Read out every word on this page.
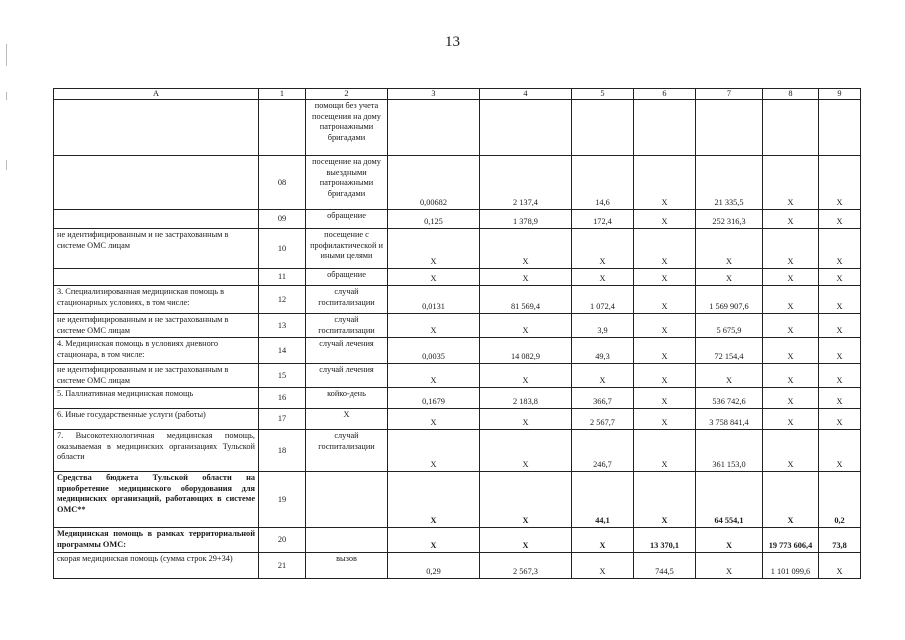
13
А	1	2	3	4	5	6	7	8	9
		помощи без учета посещения на дому патронажными бригадами							
	08	посещение на дому выездными патронажными бригадами	0,00682	2 137,4	14,6	Х	21 335,5	Х	Х
	09	обращение	0,125	1 378,9	172,4	Х	252 316,3	Х	Х
не идентифицированным и не застрахованным в системе ОМС лицам	10	посещение с профилактической и иными целями	Х	Х	Х	Х	Х	Х	Х
	11	обращение	Х	Х	Х	Х	Х	Х	Х
3. Специализированная медицинская помощь в стационарных условиях, в том числе:	12	случай госпитализации	0,0131	81 569,4	1 072,4	Х	1 569 907,6	Х	Х
не идентифицированным и не застрахованным в системе ОМС лицам	13	случай госпитализации	Х	Х	3,9	Х	5 675,9	Х	Х
4. Медицинская помощь в условиях дневного стационара, в том числе:	14	случай лечения	0,0035	14 082,9	49,3	Х	72 154,4	Х	Х
не идентифицированным и не застрахованным в системе ОМС лицам	15	случай лечения	Х	Х	Х	Х	Х	Х	Х
5. Паллиативная медицинская помощь	16	койко-день	0,1679	2 183,8	366,7	Х	536 742,6	Х	Х
6. Иные государственные услуги (работы)	17	Х	Х	Х	2 567,7	Х	3 758 841,4	Х	Х
7. Высокотехнологичная медицинская помощь, оказываемая в медицинских организациях Тульской области	18	случай госпитализации	Х	Х	246,7	Х	361 153,0	Х	Х
Средства бюджета Тульской области на приобретение медицинского оборудования для медицинских организаций, работающих в системе ОМС**	19		Х	Х	44,1	Х	64 554,1	Х	0,2
Медицинская помощь в рамках территориальной программы ОМС:	20		Х	Х	Х	13 370,1	Х	19 773 606,4	73,8
скорая медицинская помощь (сумма строк 29+34)	21	вызов	0,29	2 567,3	Х	744,5	Х	1 101 099,6	Х
